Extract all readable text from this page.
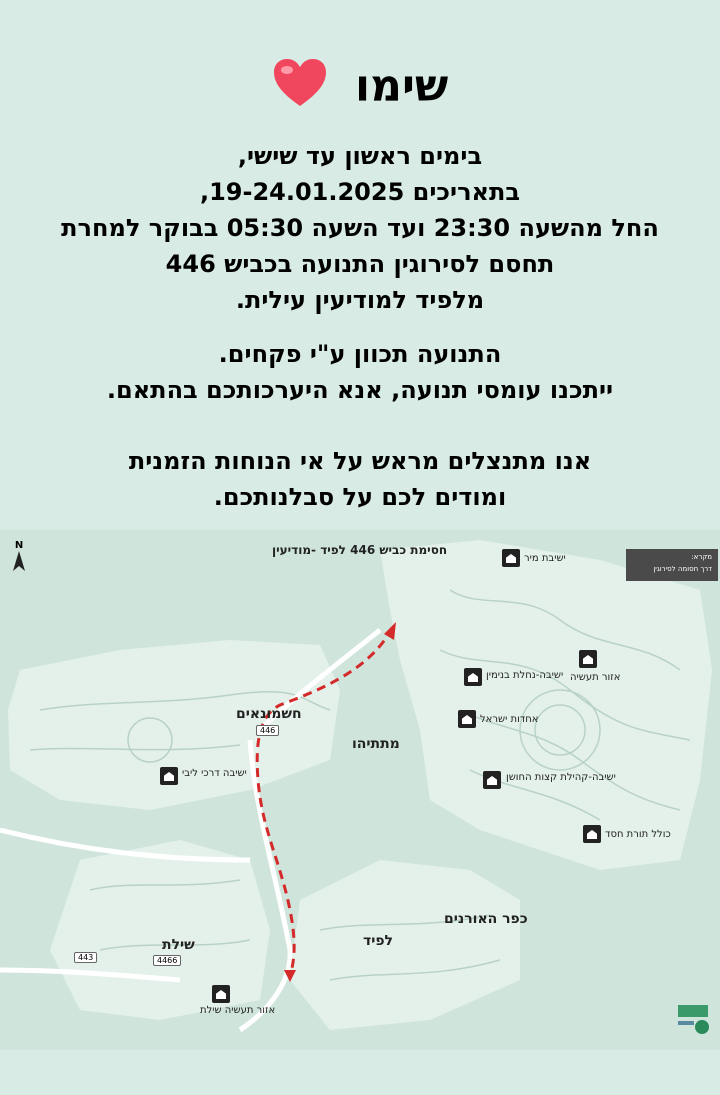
שימו
בימים ראשון עד שישי,
בתאריכים 19-24.01.2025,
החל מהשעה 23:30 ועד השעה 05:30 בבוקר למחרת
תחסם לסירוגין התנועה בכביש 446
מלפיד למודיעין עילית.
התנועה תכוון ע"י פקחים.
ייתכנו עומסי תנועה, אנא היערכותכם בהתאם.
אנו מתנצלים מראש על אי הנוחות הזמנית
ומודים לכם על סבלנותכם.
חסימת כביש 446 לפיד -מודיעין
N
מקרא:
דרך חסומה לסירוגין
חשמונאים
מתתיהו
שילת	לפיד
כפר האורנים
446
443	4466
ישיבת מיר
אזור תעשיה
ישיבה-נחלת בנימין
אחדות ישראל
ישיבה-קהילת קצות החושן
כולל תורת חסד
ישיבה דרכי ליבי
אזור תעשיה שילת
